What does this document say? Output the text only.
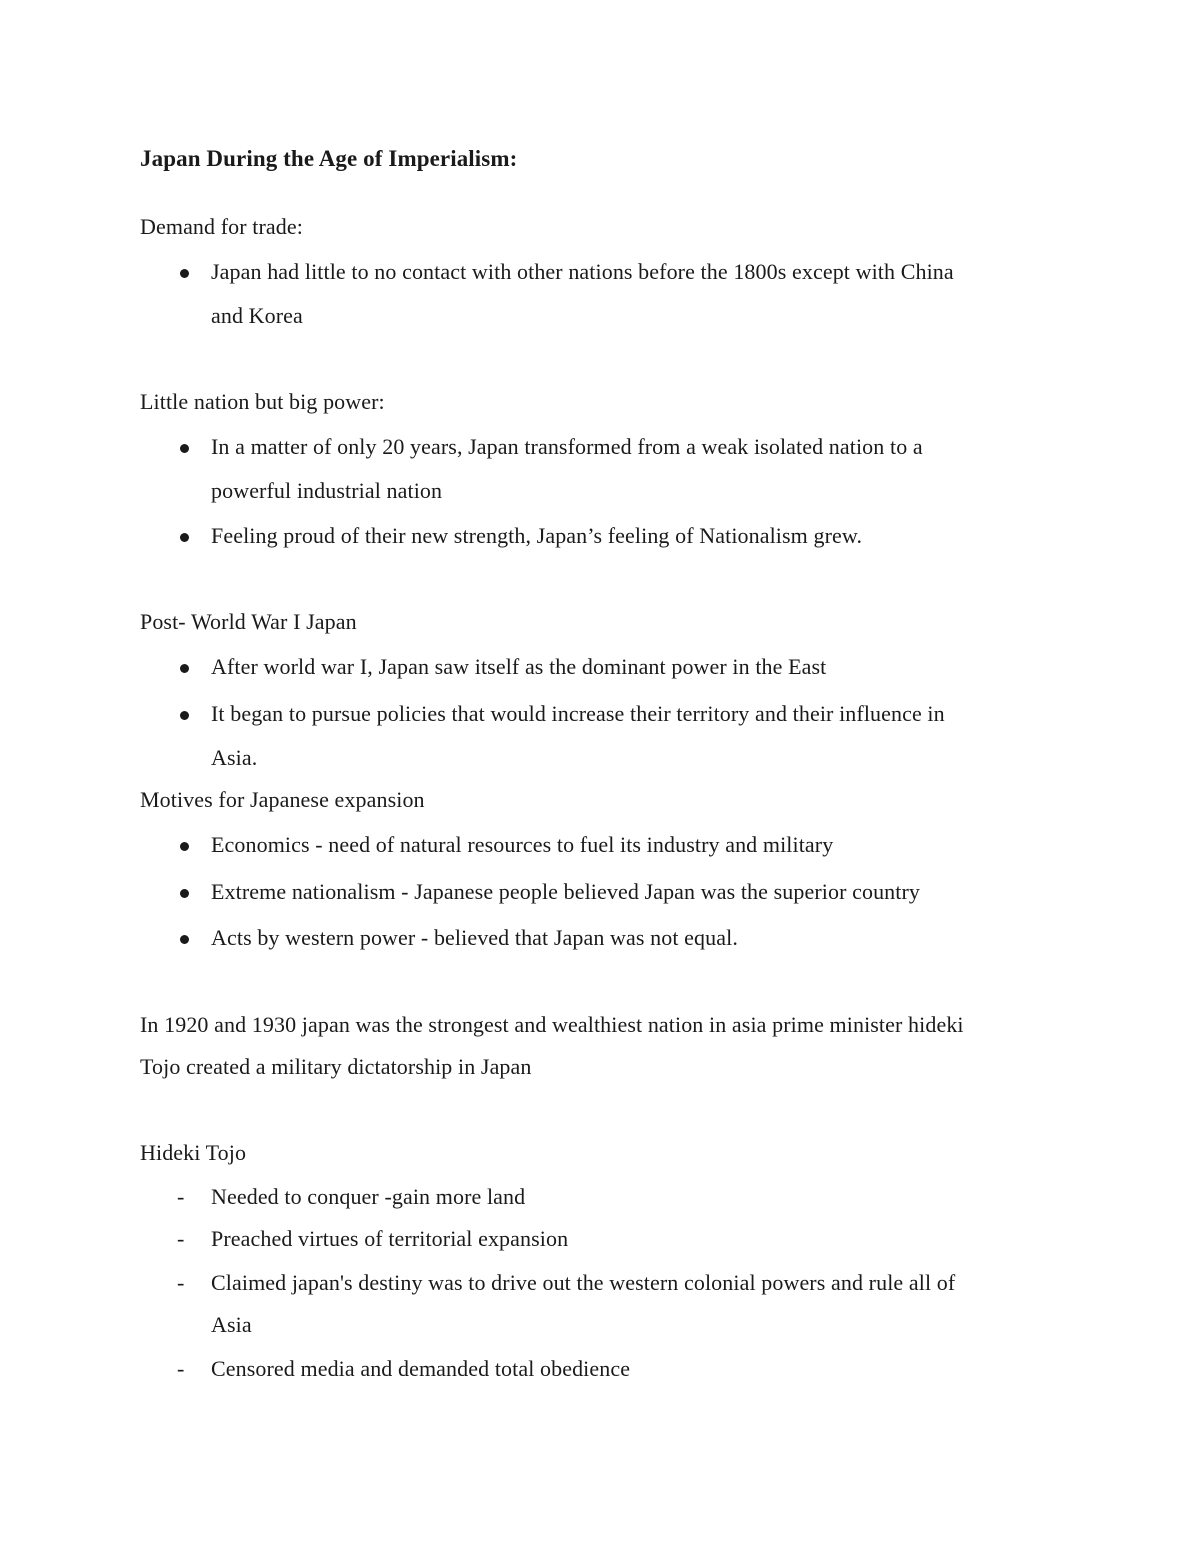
Japan During the Age of Imperialism:
Demand for trade:
Japan had little to no contact with other nations before the 1800s except with China
and Korea
Little nation but big power:
In a matter of only 20 years, Japan transformed from a weak isolated nation to a
powerful industrial nation
Feeling proud of their new strength, Japan’s feeling of Nationalism grew.
Post- World War I Japan
After world war I, Japan saw itself as the dominant power in the East
It began to pursue policies that would increase their territory and their influence in
Asia.
Motives for Japanese expansion
Economics - need of natural resources to fuel its industry and military
Extreme nationalism - Japanese people believed Japan was the superior country
Acts by western power - believed that Japan was not equal.
In 1920 and 1930 japan was the strongest and wealthiest nation in asia prime minister hideki
Tojo created a military dictatorship in Japan
Hideki Tojo
- Needed to conquer -gain more land
- Preached virtues of territorial expansion
- Claimed japan's destiny was to drive out the western colonial powers and rule all of
Asia
- Censored media and demanded total obedience
